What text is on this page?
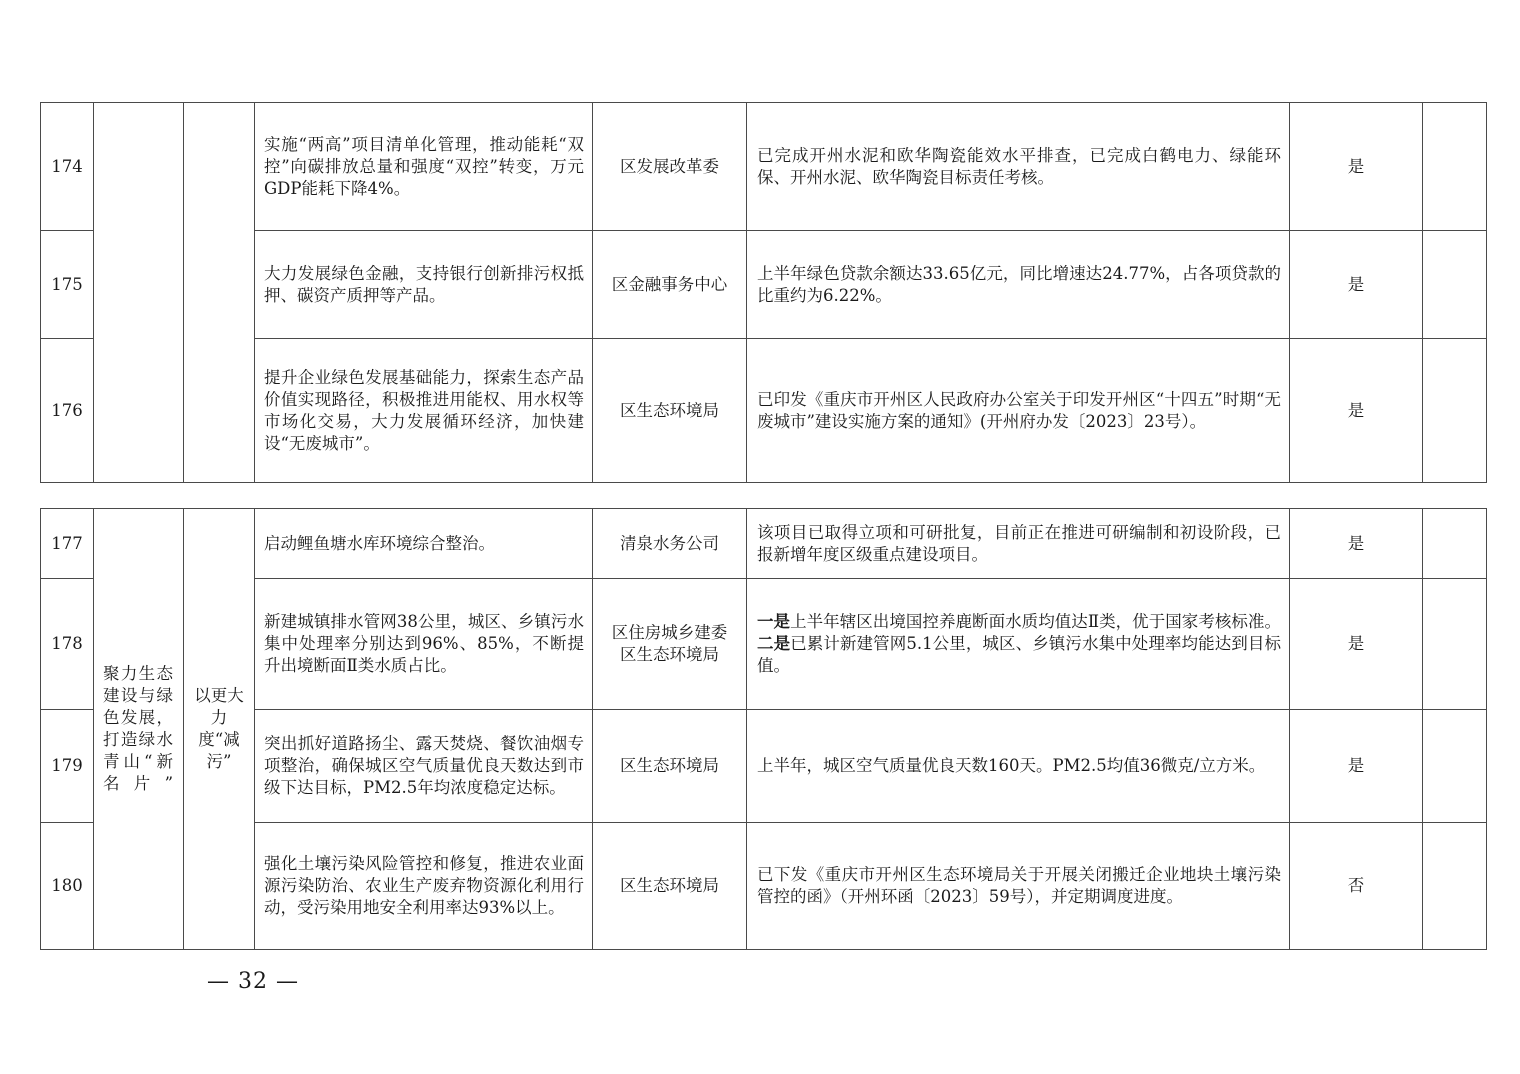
174			实施“两高”项目清单化管理，推动能耗“双控”向碳排放总量和强度“双控”转变，万元GDP能耗下降4%。	区发展改革委	已完成开州水泥和欧华陶瓷能效水平排查，已完成白鹤电力、绿能环保、开州水泥、欧华陶瓷目标责任考核。	是	
175			大力发展绿色金融，支持银行创新排污权抵押、碳资产质押等产品。	区金融事务中心	上半年绿色贷款余额达33.65亿元，同比增速达24.77%，占各项贷款的比重约为6.22%。	是	
176			提升企业绿色发展基础能力，探索生态产品价值实现路径，积极推进用能权、用水权等市场化交易，大力发展循环经济，加快建设“无废城市”。	区生态环境局	已印发《重庆市开州区人民政府办公室关于印发开州区“十四五”时期“无废城市”建设实施方案的通知》(开州府办发〔2023〕23号）。	是	
177	聚力生态建设与绿色发展，打造绿水青山“新名片”	以更大力度“减污”	启动鲤鱼塘水库环境综合整治。	清泉水务公司	该项目已取得立项和可研批复，目前正在推进可研编制和初设阶段，已报新增年度区级重点建设项目。	是	
178			新建城镇排水管网38公里，城区、乡镇污水集中处理率分别达到96%、85%，不断提升出境断面Ⅱ类水质占比。	区住房城乡建委
区生态环境局	一是上半年辖区出境国控养鹿断面水质均值达Ⅱ类，优于国家考核标准。二是已累计新建管网5.1公里，城区、乡镇污水集中处理率均能达到目标值。	是	
179			突出抓好道路扬尘、露天焚烧、餐饮油烟专项整治，确保城区空气质量优良天数达到市级下达目标，PM2.5年均浓度稳定达标。	区生态环境局	上半年，城区空气质量优良天数160天。PM2.5均值36微克/立方米。	是	
180			强化土壤污染风险管控和修复，推进农业面源污染防治、农业生产废弃物资源化利用行动，受污染用地安全利用率达93%以上。	区生态环境局	已下发《重庆市开州区生态环境局关于开展关闭搬迁企业地块土壤污染管控的函》（开州环函〔2023〕59号），并定期调度进度。	否	
— 32 —
